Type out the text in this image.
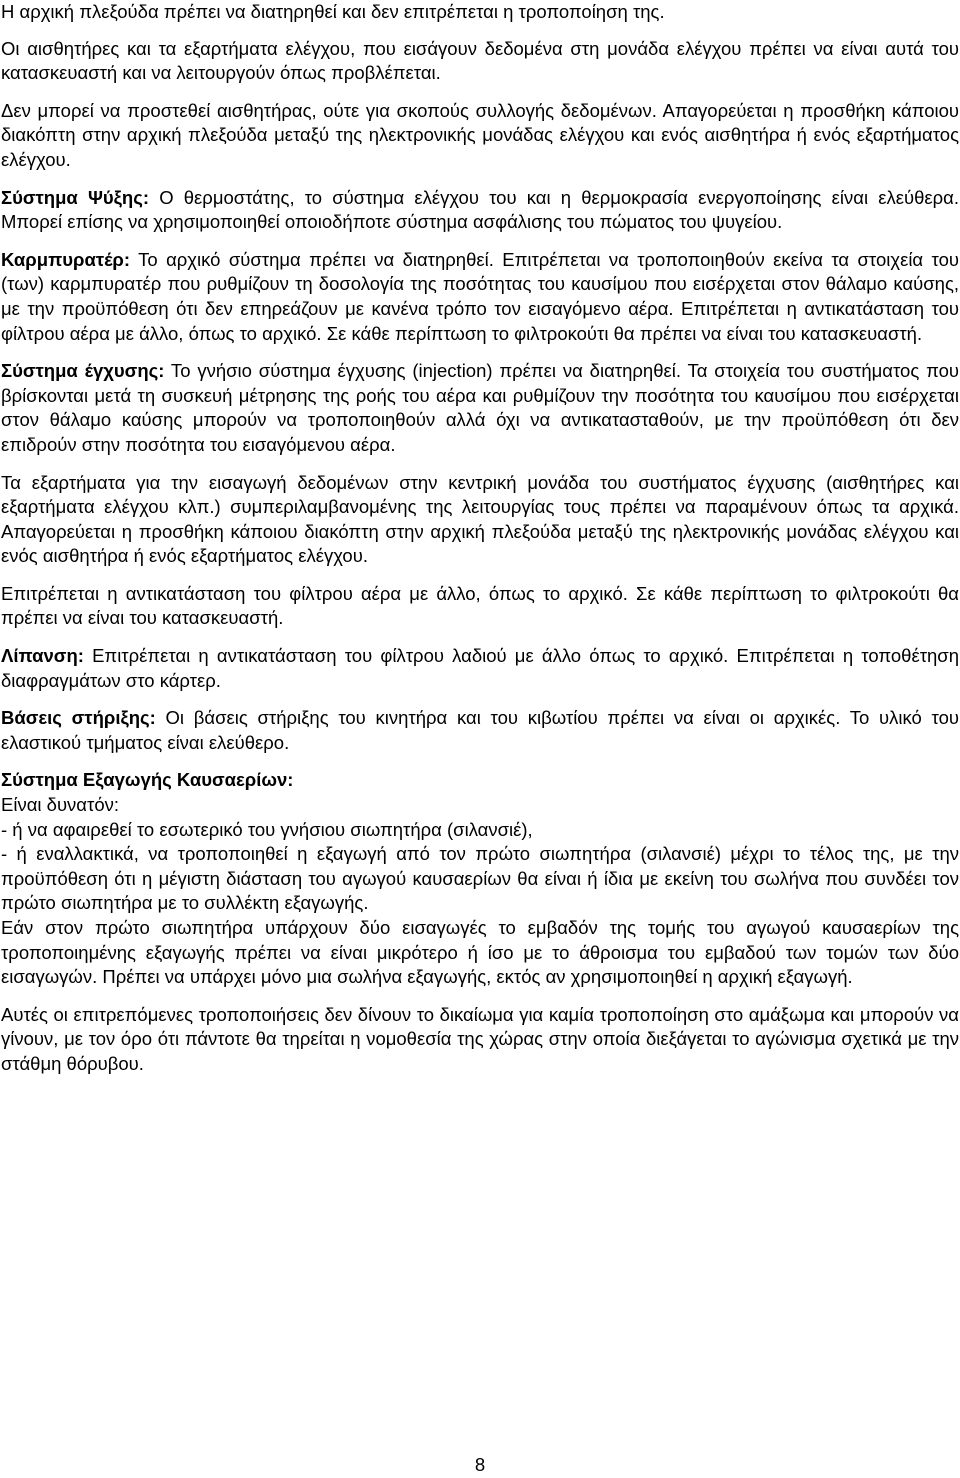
Η αρχική πλεξούδα πρέπει να διατηρηθεί και δεν επιτρέπεται η τροποποίηση της.

Οι αισθητήρες και τα εξαρτήματα ελέγχου, που εισάγουν δεδομένα στη μονάδα ελέγχου πρέπει να είναι αυτά του κατασκευαστή και να λειτουργούν όπως προβλέπεται.

Δεν μπορεί να προστεθεί αισθητήρας, ούτε για σκοπούς συλλογής δεδομένων. Απαγορεύεται η προσθήκη κάποιου διακόπτη στην αρχική πλεξούδα μεταξύ της ηλεκτρονικής μονάδας ελέγχου και ενός αισθητήρα ή ενός εξαρτήματος ελέγχου.

Σύστημα Ψύξης: Ο θερμοστάτης, το σύστημα ελέγχου του και η θερμοκρασία ενεργοποίησης είναι ελεύθερα. Μπορεί επίσης να χρησιμοποιηθεί οποιοδήποτε σύστημα ασφάλισης του πώματος του ψυγείου.

Καρμπυρατέρ: Το αρχικό σύστημα πρέπει να διατηρηθεί. Επιτρέπεται να τροποποιηθούν εκείνα τα στοιχεία του (των) καρμπυρατέρ που ρυθμίζουν τη δοσολογία της ποσότητας του καυσίμου που εισέρχεται στον θάλαμο καύσης, με την προϋπόθεση ότι δεν επηρεάζουν με κανένα τρόπο τον εισαγόμενο αέρα. Επιτρέπεται η αντικατάσταση του φίλτρου αέρα με άλλο, όπως το αρχικό. Σε κάθε περίπτωση το φιλτροκούτι θα πρέπει να είναι του κατασκευαστή.

Σύστημα έγχυσης: Το γνήσιο σύστημα έγχυσης (injection) πρέπει να διατηρηθεί. Τα στοιχεία του συστήματος που βρίσκονται μετά τη συσκευή μέτρησης της ροής του αέρα και ρυθμίζουν την ποσότητα του καυσίμου που εισέρχεται στον θάλαμο καύσης μπορούν να τροποποιηθούν αλλά όχι να αντικατασταθούν, με την προϋπόθεση ότι δεν επιδρούν στην ποσότητα του εισαγόμενου αέρα.

Τα εξαρτήματα για την εισαγωγή δεδομένων στην κεντρική μονάδα του συστήματος έγχυσης (αισθητήρες και εξαρτήματα ελέγχου κλπ.) συμπεριλαμβανομένης της λειτουργίας τους πρέπει να παραμένουν όπως τα αρχικά. Απαγορεύεται η προσθήκη κάποιου διακόπτη στην αρχική πλεξούδα μεταξύ της ηλεκτρονικής μονάδας ελέγχου και ενός αισθητήρα ή ενός εξαρτήματος ελέγχου.

Επιτρέπεται η αντικατάσταση του φίλτρου αέρα με άλλο, όπως το αρχικό. Σε κάθε περίπτωση το φιλτροκούτι θα πρέπει να είναι του κατασκευαστή.

Λίπανση: Επιτρέπεται η αντικατάσταση του φίλτρου λαδιού με άλλο όπως το αρχικό. Επιτρέπεται η τοποθέτηση διαφραγμάτων στο κάρτερ.

Βάσεις στήριξης: Οι βάσεις στήριξης του κινητήρα και του κιβωτίου πρέπει να είναι οι αρχικές. Το υλικό του ελαστικού τμήματος είναι ελεύθερο.

Σύστημα Εξαγωγής Καυσαερίων:
Είναι δυνατόν:
- ή να αφαιρεθεί το εσωτερικό του γνήσιου σιωπητήρα (σιλανσιέ),
- ή εναλλακτικά, να τροποποιηθεί η εξαγωγή από τον πρώτο σιωπητήρα (σιλανσιέ) μέχρι το τέλος της, με την προϋπόθεση ότι η μέγιστη διάσταση του αγωγού καυσαερίων θα είναι ή ίδια με εκείνη του σωλήνα που συνδέει τον πρώτο σιωπητήρα με το συλλέκτη εξαγωγής.
Εάν στον πρώτο σιωπητήρα υπάρχουν δύο εισαγωγές το εμβαδόν της τομής του αγωγού καυσαερίων της τροποποιημένης εξαγωγής πρέπει να είναι μικρότερο ή ίσο με το άθροισμα του εμβαδού των τομών των δύο εισαγωγών. Πρέπει να υπάρχει μόνο μια σωλήνα εξαγωγής, εκτός αν χρησιμοποιηθεί η αρχική εξαγωγή.

Αυτές οι επιτρεπόμενες τροποποιήσεις δεν δίνουν το δικαίωμα για καμία τροποποίηση στο αμάξωμα και μπορούν να γίνουν, με τον όρο ότι πάντοτε θα τηρείται η νομοθεσία της χώρας στην οποία διεξάγεται το αγώνισμα σχετικά με την στάθμη θόρυβου.

8
